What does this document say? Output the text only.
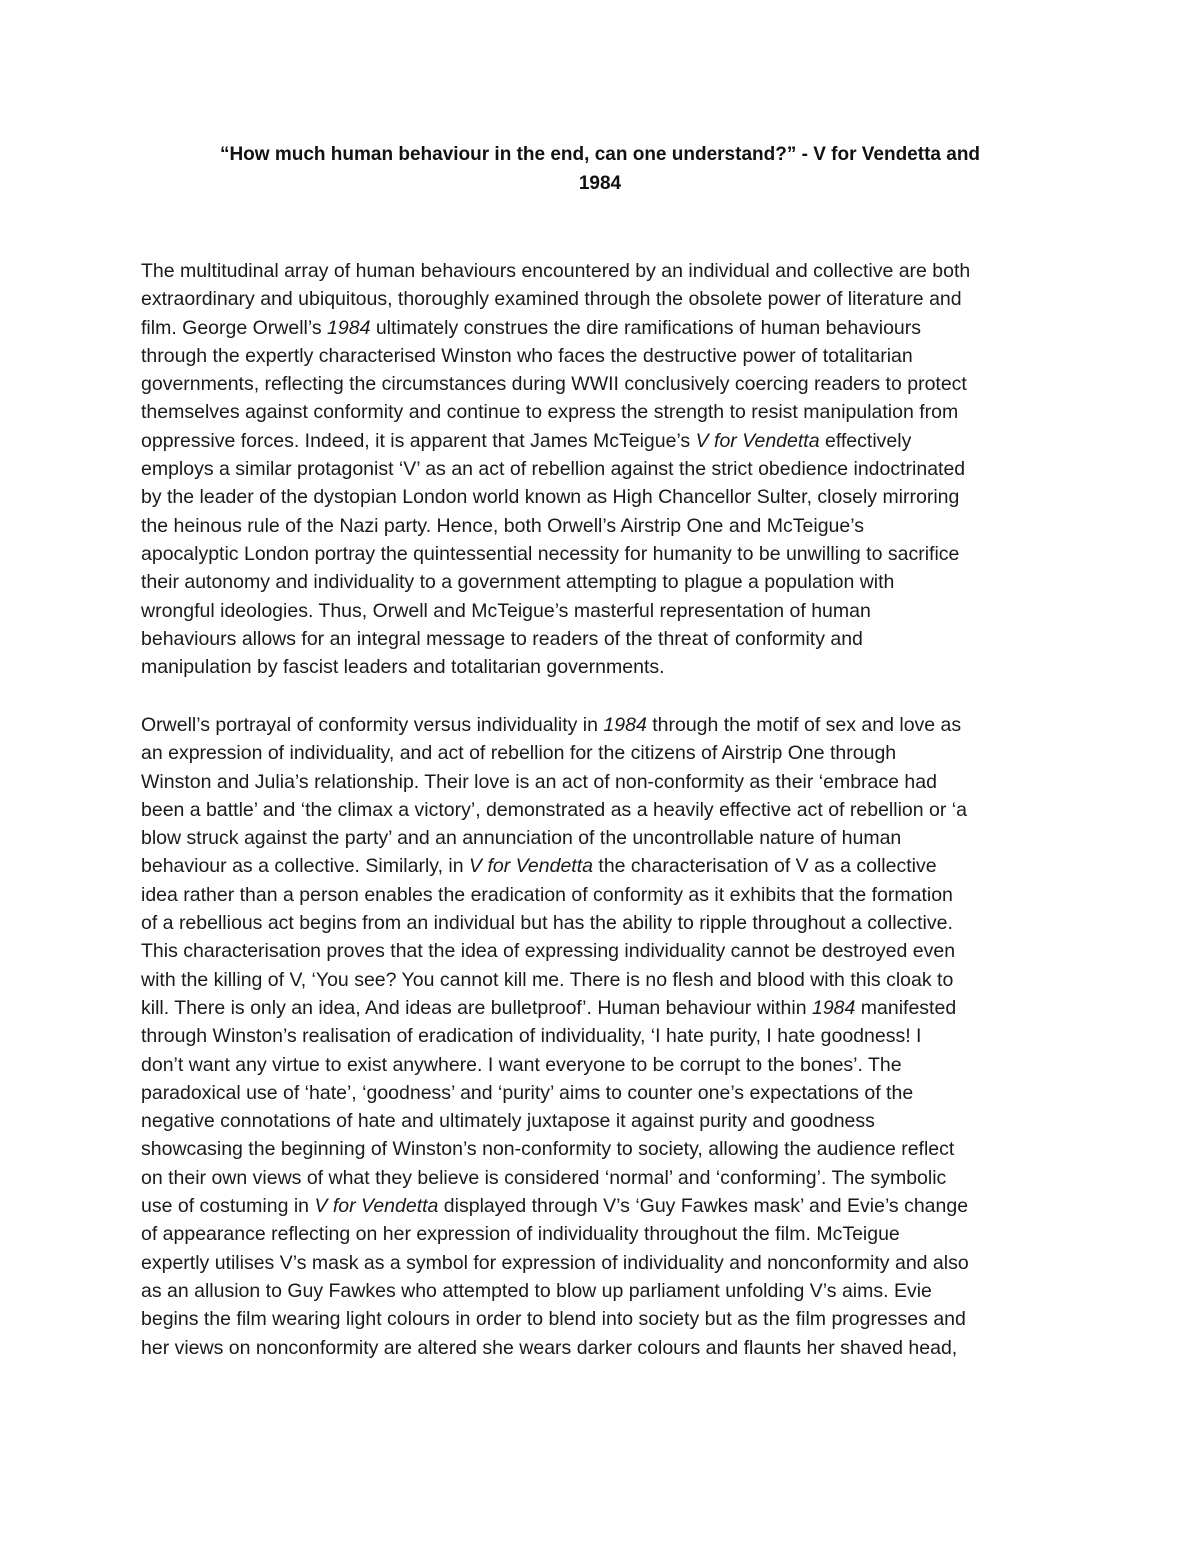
“How much human behaviour in the end, can one understand?” - V for Vendetta and
1984
The multitudinal array of human behaviours encountered by an individual and collective are both
extraordinary and ubiquitous, thoroughly examined through the obsolete power of literature and
film. George Orwell’s 1984 ultimately construes the dire ramifications of human behaviours
through the expertly characterised Winston who faces the destructive power of totalitarian
governments, reflecting the circumstances during WWII conclusively coercing readers to protect
themselves against conformity and continue to express the strength to resist manipulation from
oppressive forces. Indeed, it is apparent that James McTeigue’s V for Vendetta effectively
employs a similar protagonist ‘V’ as an act of rebellion against the strict obedience indoctrinated
by the leader of the dystopian London world known as High Chancellor Sulter, closely mirroring
the heinous rule of the Nazi party. Hence, both Orwell’s Airstrip One and McTeigue’s
apocalyptic London portray the quintessential necessity for humanity to be unwilling to sacrifice
their autonomy and individuality to a government attempting to plague a population with
wrongful ideologies. Thus, Orwell and McTeigue’s masterful representation of human
behaviours allows for an integral message to readers of the threat of conformity and
manipulation by fascist leaders and totalitarian governments.
Orwell’s portrayal of conformity versus individuality in 1984 through the motif of sex and love as
an expression of individuality, and act of rebellion for the citizens of Airstrip One through
Winston and Julia’s relationship. Their love is an act of non-conformity as their ‘embrace had
been a battle’ and ‘the climax a victory’, demonstrated as a heavily effective act of rebellion or ‘a
blow struck against the party’ and an annunciation of the uncontrollable nature of human
behaviour as a collective. Similarly, in V for Vendetta the characterisation of V as a collective
idea rather than a person enables the eradication of conformity as it exhibits that the formation
of a rebellious act begins from an individual but has the ability to ripple throughout a collective.
This characterisation proves that the idea of expressing individuality cannot be destroyed even
with the killing of V, ‘You see? You cannot kill me. There is no flesh and blood with this cloak to
kill. There is only an idea, And ideas are bulletproof’. Human behaviour within 1984 manifested
through Winston’s realisation of eradication of individuality, ‘I hate purity, I hate goodness! I
don’t want any virtue to exist anywhere. I want everyone to be corrupt to the bones’. The
paradoxical use of ‘hate’, ‘goodness’ and ‘purity’ aims to counter one’s expectations of the
negative connotations of hate and ultimately juxtapose it against purity and goodness
showcasing the beginning of Winston’s non-conformity to society, allowing the audience reflect
on their own views of what they believe is considered ‘normal’ and ‘conforming’. The symbolic
use of costuming in V for Vendetta displayed through V’s ‘Guy Fawkes mask’ and Evie’s change
of appearance reflecting on her expression of individuality throughout the film. McTeigue
expertly utilises V’s mask as a symbol for expression of individuality and nonconformity and also
as an allusion to Guy Fawkes who attempted to blow up parliament unfolding V’s aims. Evie
begins the film wearing light colours in order to blend into society but as the film progresses and
her views on nonconformity are altered she wears darker colours and flaunts her shaved head,
